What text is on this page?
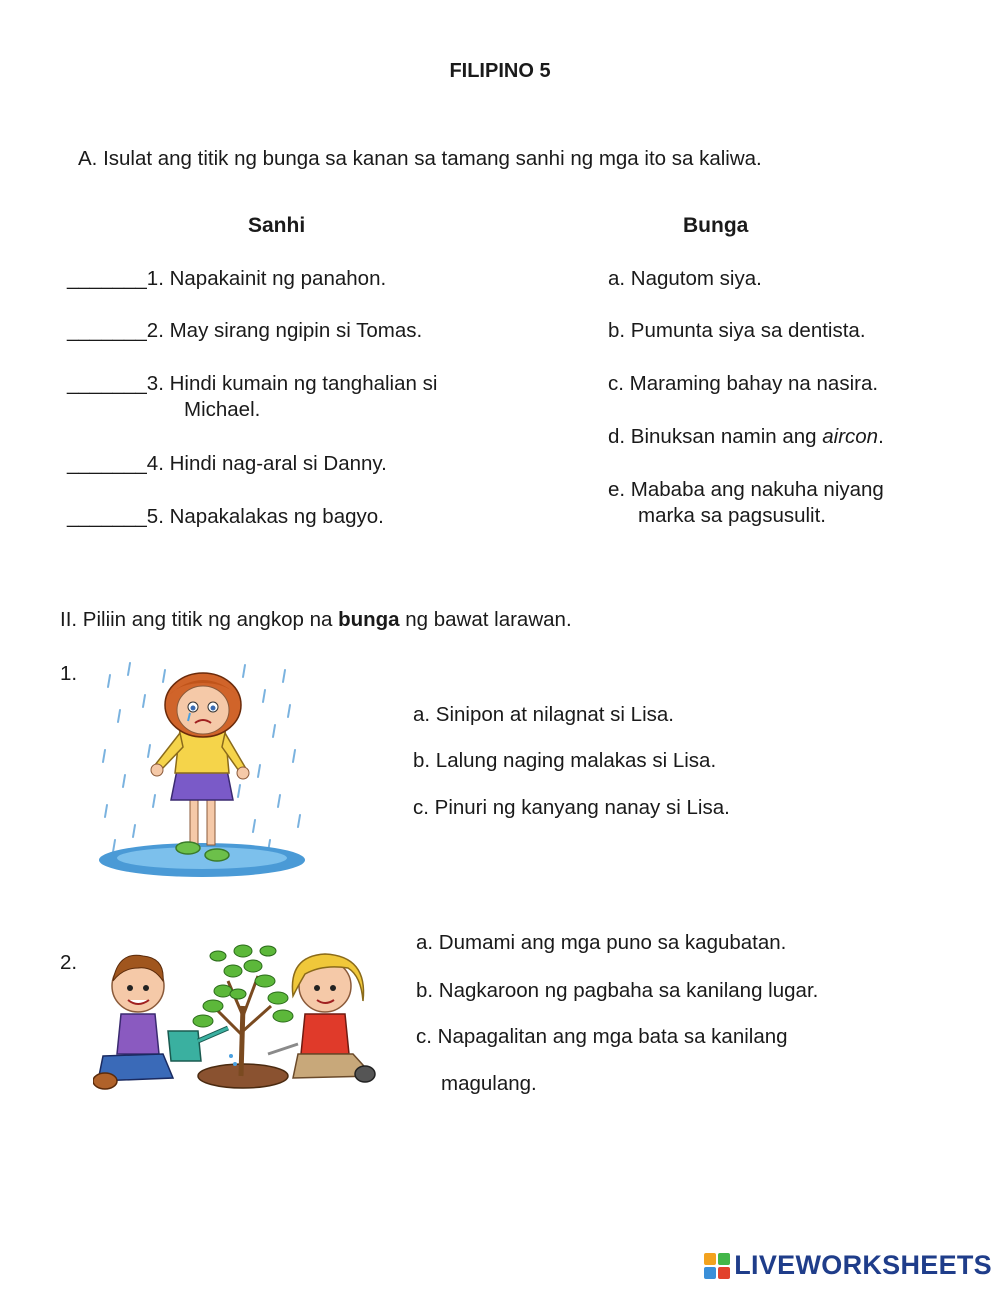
FILIPINO 5
A. Isulat ang titik ng bunga sa kanan sa tamang sanhi ng mga ito sa kaliwa.
Sanhi	Bunga
_______1. Napakainit ng panahon.
_______2. May sirang ngipin si Tomas.
_______3. Hindi kumain ng tanghalian si
Michael.
_______4. Hindi nag-aral si Danny.
_______5. Napakalakas ng bagyo.
a. Nagutom siya.
b. Pumunta siya sa dentista.
c. Maraming bahay na nasira.
d. Binuksan namin ang aircon.
e. Mababa ang nakuha niyang
marka sa pagsusulit.
II. Piliin ang titik ng angkop na bunga ng bawat larawan.
1.
a. Sinipon at nilagnat si Lisa.
b. Lalung naging malakas si Lisa.
c. Pinuri ng kanyang nanay si Lisa.
2.
a. Dumami ang mga puno sa kagubatan.
b. Nagkaroon ng pagbaha sa kanilang lugar.
c. Napagalitan ang mga bata sa kanilang
magulang.
LIVEWORKSHEETS
